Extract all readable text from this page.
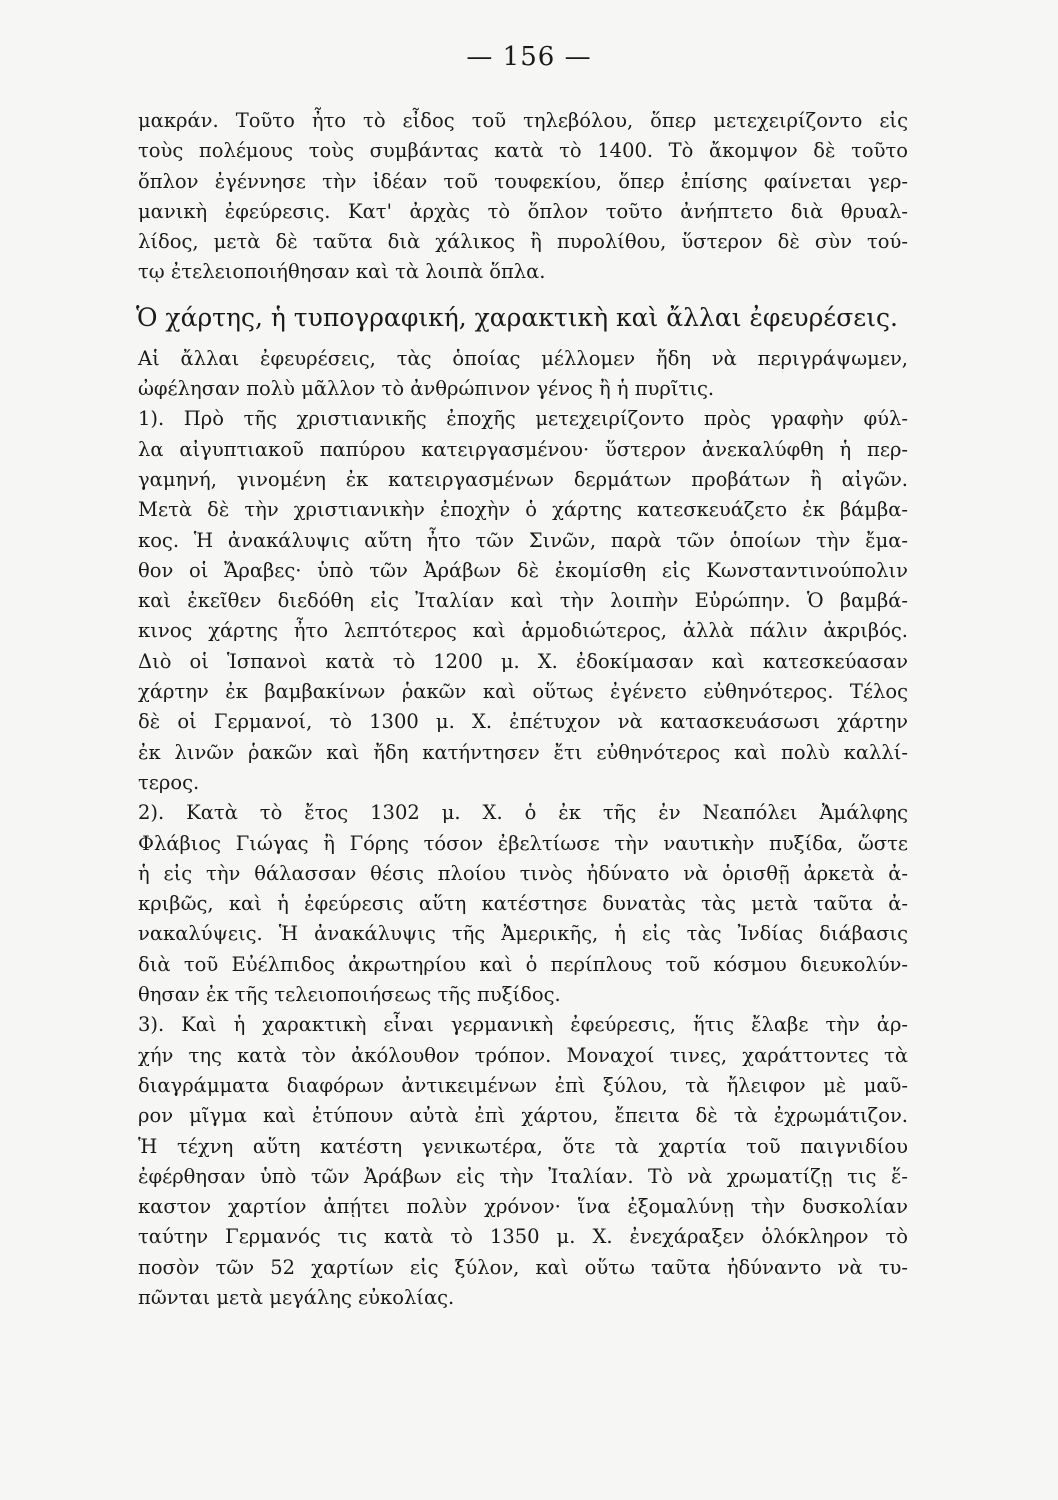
— 156 —
μακράν. Τοῦτο ἦτο τὸ εἶδος τοῦ τηλεβόλου, ὅπερ μετεχειρίζοντο εἰς
τοὺς πολέμους τοὺς συμβάντας κατὰ τὸ 1400. Τὸ ἄκομψον δὲ τοῦτο
ὅπλον ἐγέννησε τὴν ἰδέαν τοῦ τουφεκίου, ὅπερ ἐπίσης φαίνεται γερ-
μανικὴ ἐφεύρεσις. Κατ' ἀρχὰς τὸ ὅπλον τοῦτο ἀνήπτετο διὰ θρυαλ-
λίδος, μετὰ δὲ ταῦτα διὰ χάλικος ἢ πυρολίθου, ὕστερον δὲ σὺν τού-
τῳ ἐτελειοποιήθησαν καὶ τὰ λοιπὰ ὅπλα.
Ὁ χάρτης, ἡ τυπογραφική, χαρακτικὴ καὶ ἄλλαι ἐφευρέσεις.
Αἱ ἄλλαι ἐφευρέσεις, τὰς ὁποίας μέλλομεν ἤδη νὰ περιγράψωμεν,
ὠφέλησαν πολὺ μᾶλλον τὸ ἀνθρώπινον γένος ἢ ἡ πυρῖτις.
1). Πρὸ τῆς χριστιανικῆς ἐποχῆς μετεχειρίζοντο πρὸς γραφὴν φύλ-
λα αἰγυπτιακοῦ παπύρου κατειργασμένου· ὕστερον ἀνεκαλύφθη ἡ περ-
γαμηνή, γινομένη ἐκ κατειργασμένων δερμάτων προβάτων ἢ αἰγῶν.
Μετὰ δὲ τὴν χριστιανικὴν ἐποχὴν ὁ χάρτης κατεσκευάζετο ἐκ βάμβα-
κος. Ἡ ἀνακάλυψις αὕτη ἦτο τῶν Σινῶν, παρὰ τῶν ὁποίων τὴν ἔμα-
θον οἱ Ἄραβες· ὑπὸ τῶν Ἀράβων δὲ ἐκομίσθη εἰς Κωνσταντινούπολιν
καὶ ἐκεῖθεν διεδόθη εἰς Ἰταλίαν καὶ τὴν λοιπὴν Εὐρώπην. Ὁ βαμβά-
κινος χάρτης ἦτο λεπτότερος καὶ ἁρμοδιώτερος, ἀλλὰ πάλιν ἀκριβός.
Διὸ οἱ Ἱσπανοὶ κατὰ τὸ 1200 μ. Χ. ἐδοκίμασαν καὶ κατεσκεύασαν
χάρτην ἐκ βαμβακίνων ῥακῶν καὶ οὕτως ἐγένετο εὐθηνότερος. Τέλος
δὲ οἱ Γερμανοί, τὸ 1300 μ. Χ. ἐπέτυχον νὰ κατασκευάσωσι χάρτην
ἐκ λινῶν ῥακῶν καὶ ἤδη κατήντησεν ἔτι εὐθηνότερος καὶ πολὺ καλλί-
τερος.
2). Κατὰ τὸ ἔτος 1302 μ. Χ. ὁ ἐκ τῆς ἐν Νεαπόλει Ἀμάλφης
Φλάβιος Γιώγας ἢ Γόρης τόσον ἐβελτίωσε τὴν ναυτικὴν πυξίδα, ὥστε
ἡ εἰς τὴν θάλασσαν θέσις πλοίου τινὸς ἠδύνατο νὰ ὁρισθῇ ἀρκετὰ ἀ-
κριβῶς, καὶ ἡ ἐφεύρεσις αὕτη κατέστησε δυνατὰς τὰς μετὰ ταῦτα ἀ-
νακαλύψεις. Ἡ ἀνακάλυψις τῆς Ἀμερικῆς, ἡ εἰς τὰς Ἰνδίας διάβασις
διὰ τοῦ Εὐέλπιδος ἀκρωτηρίου καὶ ὁ περίπλους τοῦ κόσμου διευκολύν-
θησαν ἐκ τῆς τελειοποιήσεως τῆς πυξίδος.
3). Καὶ ἡ χαρακτικὴ εἶναι γερμανικὴ ἐφεύρεσις, ἥτις ἔλαβε τὴν ἀρ-
χήν της κατὰ τὸν ἀκόλουθον τρόπον. Μοναχοί τινες, χαράττοντες τὰ
διαγράμματα διαφόρων ἀντικειμένων ἐπὶ ξύλου, τὰ ἤλειφον μὲ μαῦ-
ρον μῖγμα καὶ ἐτύπουν αὐτὰ ἐπὶ χάρτου, ἔπειτα δὲ τὰ ἐχρωμάτιζον.
Ἡ τέχνη αὕτη κατέστη γενικωτέρα, ὅτε τὰ χαρτία τοῦ παιγνιδίου
ἐφέρθησαν ὑπὸ τῶν Ἀράβων εἰς τὴν Ἰταλίαν. Τὸ νὰ χρωματίζῃ τις ἕ-
καστον χαρτίον ἀπῄτει πολὺν χρόνον· ἵνα ἐξομαλύνῃ τὴν δυσκολίαν
ταύτην Γερμανός τις κατὰ τὸ 1350 μ. Χ. ἐνεχάραξεν ὁλόκληρον τὸ
ποσὸν τῶν 52 χαρτίων εἰς ξύλον, καὶ οὕτω ταῦτα ἠδύναντο νὰ τυ-
πῶνται μετὰ μεγάλης εὐκολίας.
